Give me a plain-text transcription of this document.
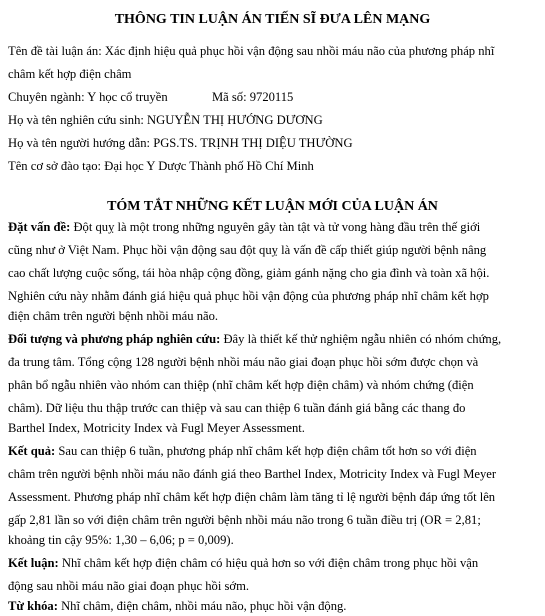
THÔNG TIN LUẬN ÁN TIẾN SĨ ĐƯA LÊN MẠNG
Tên đề tài luận án: Xác định hiệu quả phục hồi vận động sau nhồi máu não của phương pháp nhĩ
châm kết hợp điện châm
Chuyên ngành: Y học cổ truyền	Mã số: 9720115
Họ và tên nghiên cứu sinh: NGUYỄN THỊ HƯỚNG DƯƠNG
Họ và tên người hướng dẫn: PGS.TS. TRỊNH THỊ DIỆU THƯỜNG
Tên cơ sở đào tạo: Đại học Y Dược Thành phố Hồ Chí Minh
TÓM TẮT NHỮNG KẾT LUẬN MỚI CỦA LUẬN ÁN
Đặt vấn đề: Đột quỵ là một trong những nguyên gây tàn tật và tử vong hàng đầu trên thế giới
cũng như ở Việt Nam. Phục hồi vận động sau đột quỵ là vấn đề cấp thiết giúp người bệnh nâng
cao chất lượng cuộc sống, tái hòa nhập cộng đồng, giảm gánh nặng cho gia đình và toàn xã hội.
Nghiên cứu này nhằm đánh giá hiệu quả phục hồi vận động của phương pháp nhĩ châm kết hợp
điện châm trên người bệnh nhồi máu não.
Đối tượng và phương pháp nghiên cứu: Đây là thiết kế thử nghiệm ngẫu nhiên có nhóm chứng,
đa trung tâm. Tổng cộng 128 người bệnh nhồi máu não giai đoạn phục hồi sớm được chọn và
phân bổ ngẫu nhiên vào nhóm can thiệp (nhĩ châm kết hợp điện châm) và nhóm chứng (điện
châm). Dữ liệu thu thập trước can thiệp và sau can thiệp 6 tuần đánh giá bằng các thang đo
Barthel Index, Motricity Index và Fugl Meyer Assessment.
Kết quả: Sau can thiệp 6 tuần, phương pháp nhĩ châm kết hợp điện châm tốt hơn so với điện
châm trên người bệnh nhồi máu não đánh giá theo Barthel Index, Motricity Index và Fugl Meyer
Assessment. Phương pháp nhĩ châm kết hợp điện châm làm tăng tỉ lệ người bệnh đáp ứng tốt lên
gấp 2,81 lần so với điện châm trên người bệnh nhồi máu não trong 6 tuần điều trị (OR = 2,81;
khoảng tin cậy 95%: 1,30 – 6,06; p = 0,009).
Kết luận: Nhĩ châm kết hợp điện châm có hiệu quả hơn so với điện châm trong phục hồi vận
động sau nhồi máu não giai đoạn phục hồi sớm.
Từ khóa: Nhĩ châm, điện châm, nhồi máu não, phục hồi vận động.
